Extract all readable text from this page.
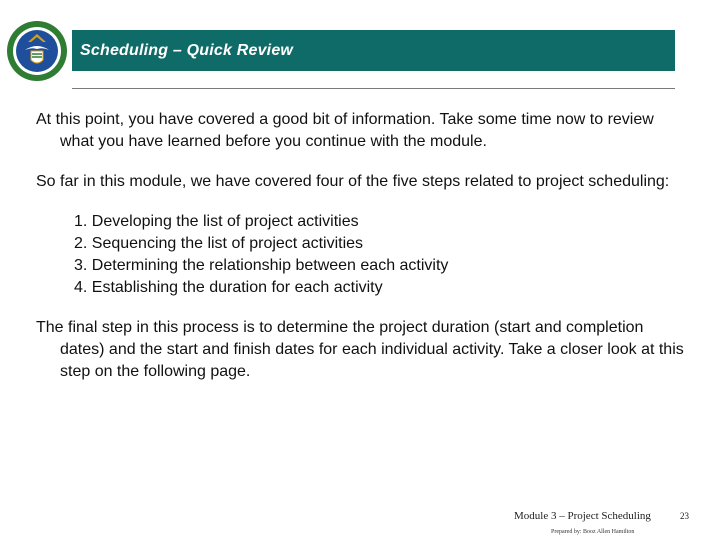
Scheduling – Quick Review

At this point, you have covered a good bit of information. Take some time now to review what you have learned before you continue with the module.

So far in this module, we have covered four of the five steps related to project scheduling:

1. Developing the list of project activities
2. Sequencing the list of project activities
3. Determining the relationship between each activity
4. Establishing the duration for each activity

The final step in this process is to determine the project duration (start and completion dates) and the start and finish dates for each individual activity. Take a closer look at this step on the following page.

Module 3 – Project Scheduling
Prepared by: Booz Allen Hamilton
23
